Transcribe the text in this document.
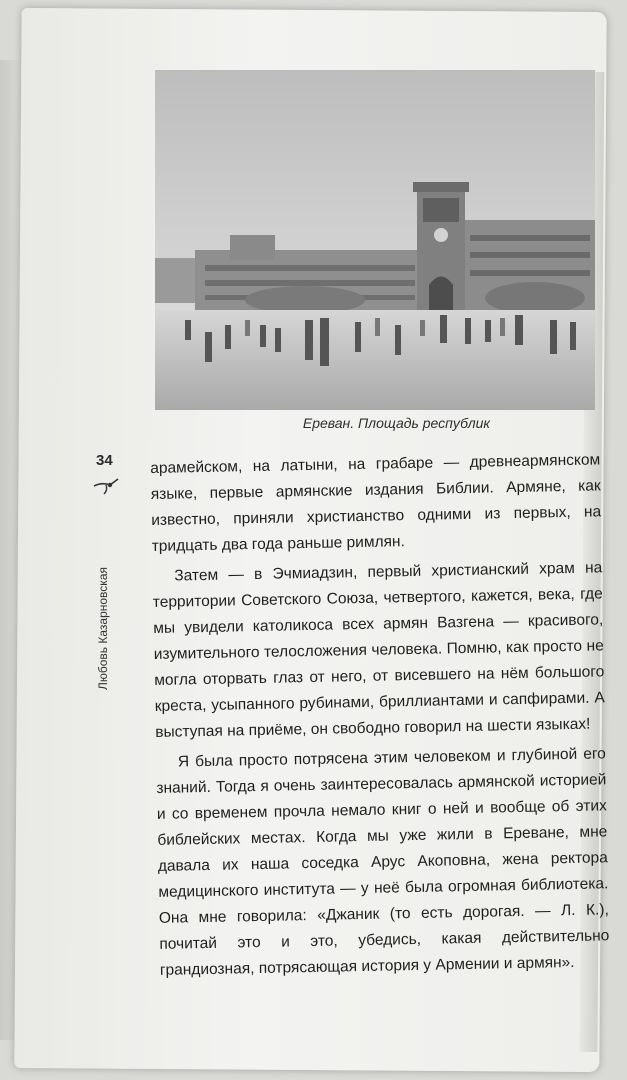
Ереван. Площадь республик
34 арамейском, на латыни, на грабаре — древнеармянском языке, первые армянские издания Библии. Армяне, как известно, приняли христианство одними из первых, на тридцать два года раньше римлян.

Затем — в Эчмиадзин, первый христианский храм на территории Советского Союза, четвертого, кажется, века, где мы увидели католикоса всех армян Вазгена — красивого, изумительного телосложения человека. Помню, как просто не могла оторвать глаз от него, от висевшего на нём большого креста, усыпанного рубинами, бриллиантами и сапфирами. А выступая на приёме, он свободно говорил на шести языках!

Я была просто потрясена этим человеком и глубиной его знаний. Тогда я очень заинтересовалась армянской историей и со временем прочла немало книг о ней и вообще об этих библейских местах. Когда мы уже жили в Ереване, мне давала их наша соседка Арус Акоповна, жена ректора медицинского института — у неё была огромная библиотека. Она мне говорила: «Джаник (то есть дорогая. — Л. К.), почитай это и это, убедись, какая действительно грандиозная, потрясающая история у Армении и армян».
